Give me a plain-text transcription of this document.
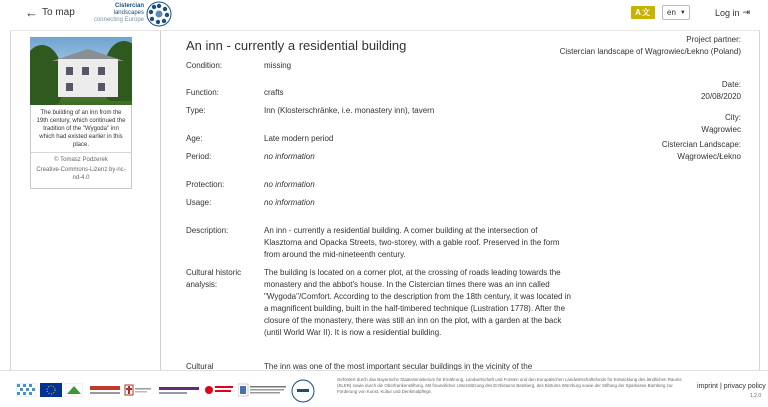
← To map
Cistercian
landscapes
connecting Europe
A文	en ▼	Log in ⇥
The building of an inn from the 19th century, which continued the tradition of the "Wygoda" inn which had existed earlier in this place.
© Tomasz Podzerek
Creative-Commons-Lizenz by-nc-nd-4.0
An inn - currently a residential building
Condition:	missing
Function:	crafts
Type:	Inn (Klosterschränke, i.e. monastery inn), tavern
Age:	Late modern period
Period:	no information
Protection:	no information
Usage:	no information
Description:	An inn - currently a residential building. A corner building at the intersection of Klasztorna and Opacka Streets, two-storey, with a gable roof. Preserved in the form from around the mid-nineteenth century.
Cultural historic analysis:
The building is located on a corner plot, at the crossing of roads leading towards the monastery and the abbot's house. In the Cistercian times there was an inn called "Wygoda"/Comfort. According to the description from the 18th century, it was located in a magnificent building, built in the half-timbered technique (Lustration 1778). After the closure of the monastery, there was still an inn on the plot, with a garden at the back (until World War II). It is now a residential building.
Cultural	The inn was one of the most important secular buildings in the vicinity of the
Project partner:
Cistercian landscape of Wągrowiec/Łekno (Poland)
Date:
20/08/2020
City:
Wągrowiec
Cistercian Landscape:
Wągrowiec/Łekno
Gefördert durch das Bayerische Staatsministerium für Ernährung, Landwirtschaft und Forsten und den Europäischen Landwirtschaftsfonds für Entwicklung des ländlichen Raums (ELER) sowie durch die Oberfrankenstiftung. Mit freundlicher Unterstützung des Erzbistums Bamberg, des Bistums Würzburg sowie der Stiftung der Sparkasse Bamberg zur Förderung von Kunst, Kultur und Denkmalpflege.
imprint | privacy policy
1.2.0
